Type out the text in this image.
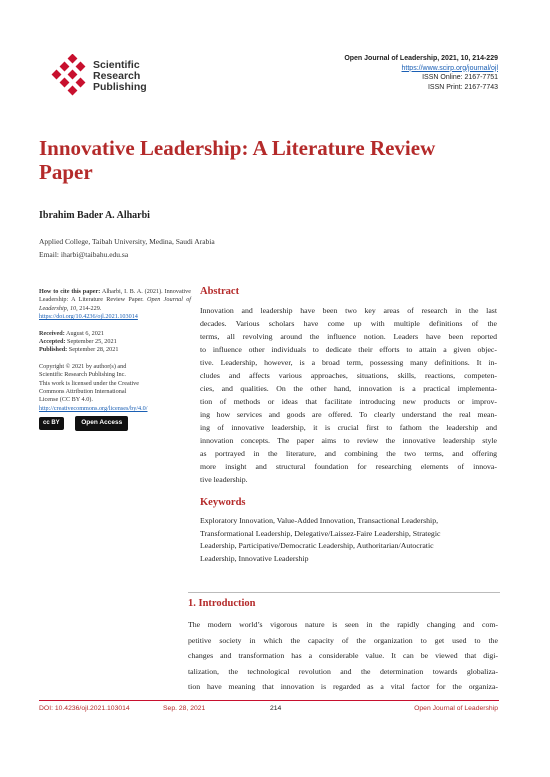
Scientific
Research
Publishing
Open Journal of Leadership, 2021, 10, 214-229
https://www.scirp.org/journal/ojl
ISSN Online: 2167-7751
ISSN Print: 2167-7743
Innovative Leadership: A Literature Review
Paper
Ibrahim Bader A. Alharbi
Applied College, Taibah University, Medina, Saudi Arabia
Email: iharbi@taibahu.edu.sa
How to cite this paper: Alharbi, I. B. A. (2021). Innovative Leadership: A Literature Review Paper. Open Journal of Leadership, 10, 214-229.
https://doi.org/10.4236/ojl.2021.103014
Received: August 6, 2021
Accepted: September 25, 2021
Published: September 28, 2021
Copyright © 2021 by author(s) and
Scientific Research Publishing Inc.
This work is licensed under the Creative
Commons Attribution International
License (CC BY 4.0).
http://creativecommons.org/licenses/by/4.0/
cc BY	Open Access
Abstract
Innovation and leadership have been two key areas of research in the last
decades. Various scholars have come up with multiple definitions of the
terms, all revolving around the influence notion. Leaders have been reported
to influence other individuals to dedicate their efforts to attain a given objec-
tive. Leadership, however, is a broad term, possessing many definitions. It in-
cludes and affects various approaches, situations, skills, reactions, competen-
cies, and qualities. On the other hand, innovation is a practical implementa-
tion of methods or ideas that facilitate introducing new products or improv-
ing how services and goods are offered. To clearly understand the real mean-
ing of innovative leadership, it is crucial first to fathom the leadership and
innovation concepts. The paper aims to review the innovative leadership style
as portrayed in the literature, and combining the two terms, and offering
more insight and structural foundation for researching elements of innova-
tive leadership.
Keywords
Exploratory Innovation, Value-Added Innovation, Transactional Leadership,
Transformational Leadership, Delegative/Laissez-Faire Leadership, Strategic
Leadership, Participative/Democratic Leadership, Authoritarian/Autocratic
Leadership, Innovative Leadership
1. Introduction
The modern world’s vigorous nature is seen in the rapidly changing and com-
petitive society in which the capacity of the organization to get used to the
changes and transformation has a considerable value. It can be viewed that digi-
talization, the technological revolution and the determination towards globaliza-
tion have meaning that innovation is regarded as a vital factor for the organiza-
DOI: 10.4236/ojl.2021.103014	Sep. 28, 2021	214	Open Journal of Leadership
